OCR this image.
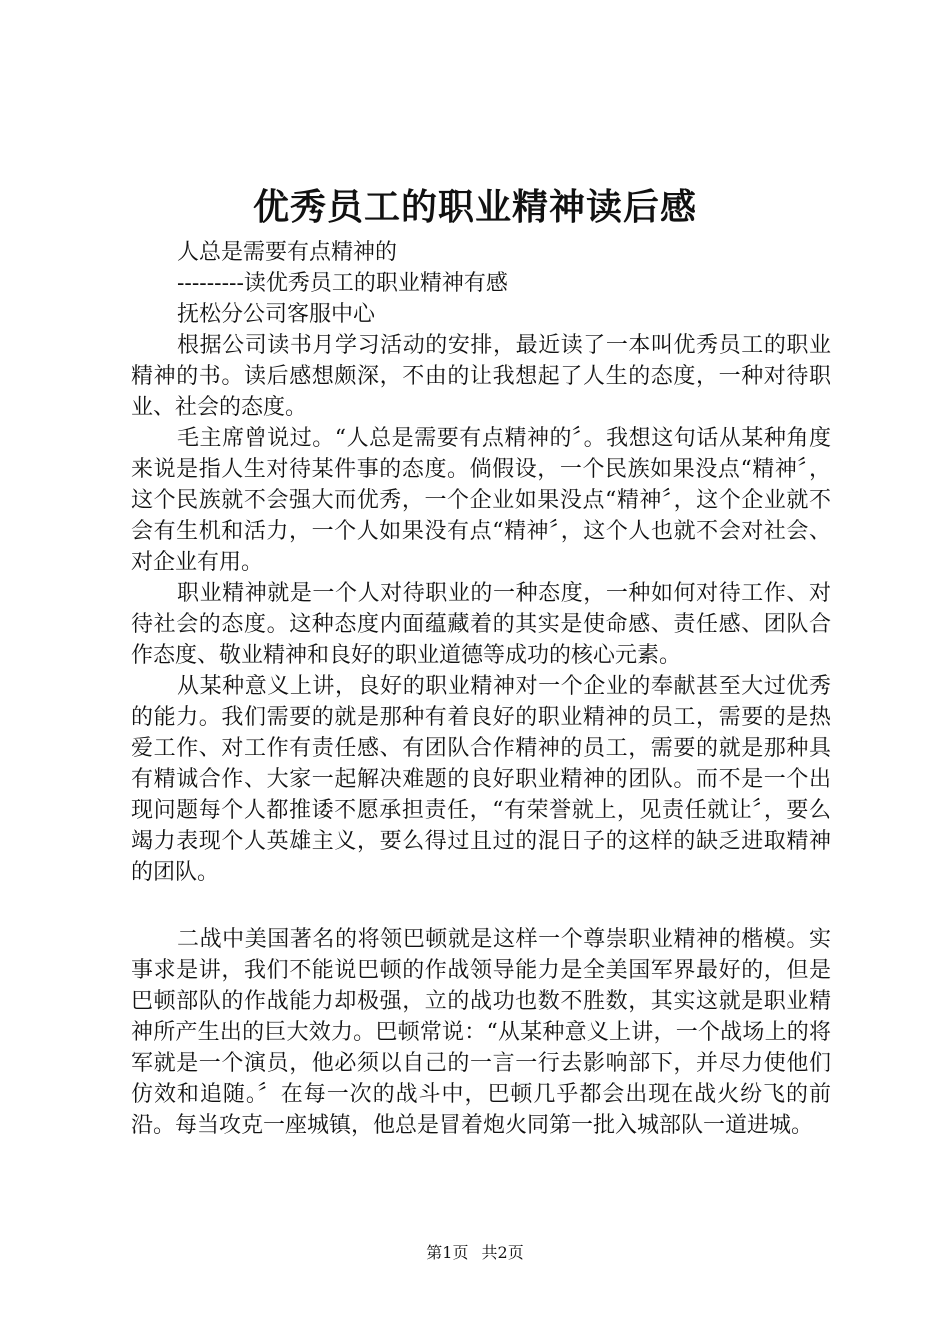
优秀员工的职业精神读后感

人总是需要有点精神的

---------读优秀员工的职业精神有感

抚松分公司客服中心

根据公司读书月学习活动的安排，最近读了一本叫优秀员工的职业精神的书。读后感想颇深，不由的让我想起了人生的态度，一种对待职业、社会的态度。

毛主席曾说过。“人总是需要有点精神的〞。我想这句话从某种角度来说是指人生对待某件事的态度。倘假设，一个民族如果没点“精神〞，这个民族就不会强大而优秀，一个企业如果没点“精神〞，这个企业就不会有生机和活力，一个人如果没有点“精神〞，这个人也就不会对社会、对企业有用。

职业精神就是一个人对待职业的一种态度，一种如何对待工作、对待社会的态度。这种态度内面蕴藏着的其实是使命感、责任感、团队合作态度、敬业精神和良好的职业道德等成功的核心元素。

从某种意义上讲，良好的职业精神对一个企业的奉献甚至大过优秀的能力。我们需要的就是那种有着良好的职业精神的员工，需要的是热爱工作、对工作有责任感、有团队合作精神的员工，需要的就是那种具有精诚合作、大家一起解决难题的良好职业精神的团队。而不是一个出现问题每个人都推诿不愿承担责任，“有荣誉就上，见责任就让〞，要么竭力表现个人英雄主义，要么得过且过的混日子的这样的缺乏进取精神的团队。

二战中美国著名的将领巴顿就是这样一个尊崇职业精神的楷模。实事求是讲，我们不能说巴顿的作战领导能力是全美国军界最好的，但是巴顿部队的作战能力却极强，立的战功也数不胜数，其实这就是职业精神所产生出的巨大效力。巴顿常说：“从某种意义上讲，一个战场上的将军就是一个演员，他必须以自己的一言一行去影响部下，并尽力使他们仿效和追随。〞在每一次的战斗中，巴顿几乎都会出现在战火纷飞的前沿。每当攻克一座城镇，他总是冒着炮火同第一批入城部队一道进城。

第1页 共2页
